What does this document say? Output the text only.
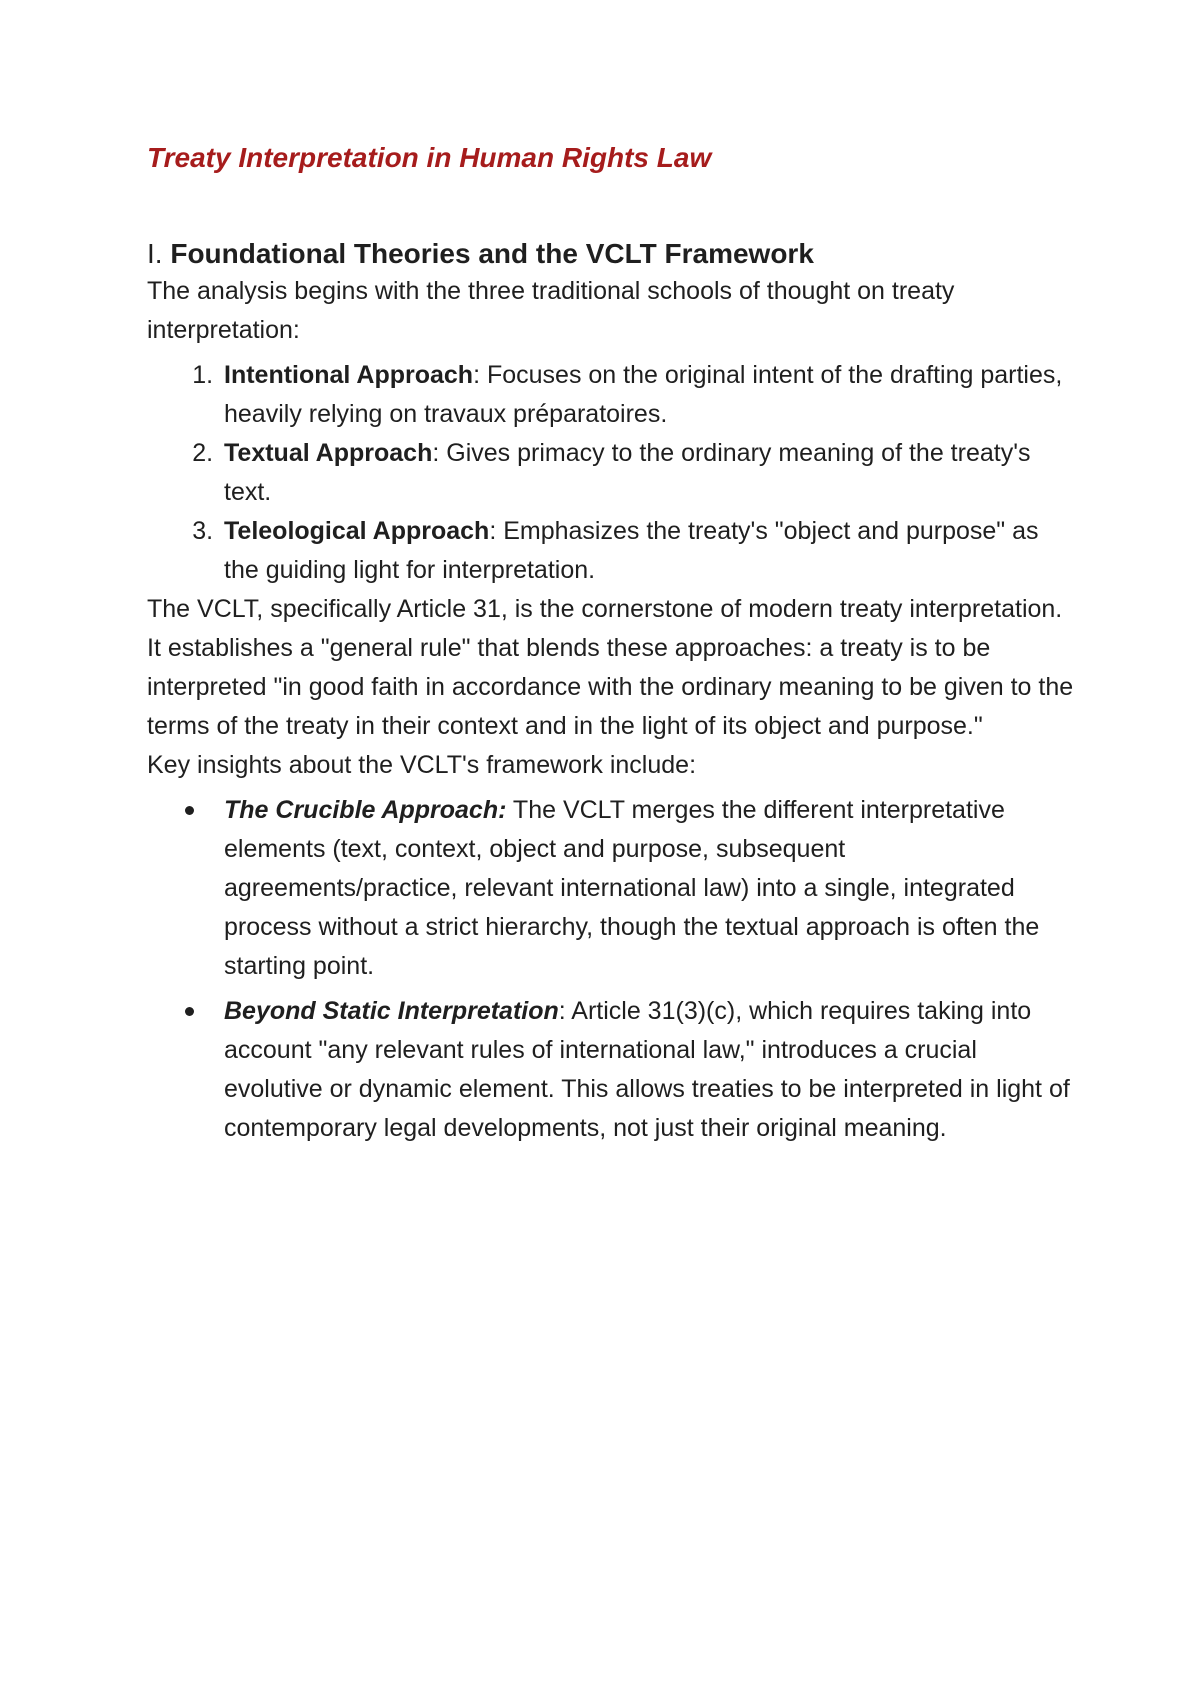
Treaty Interpretation in Human Rights Law
I. Foundational Theories and the VCLT Framework

The analysis begins with the three traditional schools of thought on treaty interpretation:

1. Intentional Approach: Focuses on the original intent of the drafting parties, heavily relying on travaux préparatoires.
2. Textual Approach: Gives primacy to the ordinary meaning of the treaty's text.
3. Teleological Approach: Emphasizes the treaty's "object and purpose" as the guiding light for interpretation.

The VCLT, specifically Article 31, is the cornerstone of modern treaty interpretation. It establishes a "general rule" that blends these approaches: a treaty is to be interpreted "in good faith in accordance with the ordinary meaning to be given to the terms of the treaty in their context and in the light of its object and purpose."

Key insights about the VCLT's framework include:

The Crucible Approach: The VCLT merges the different interpretative elements (text, context, object and purpose, subsequent agreements/practice, relevant international law) into a single, integrated process without a strict hierarchy, though the textual approach is often the starting point.
Beyond Static Interpretation: Article 31(3)(c), which requires taking into account "any relevant rules of international law," introduces a crucial evolutive or dynamic element. This allows treaties to be interpreted in light of contemporary legal developments, not just their original meaning.
